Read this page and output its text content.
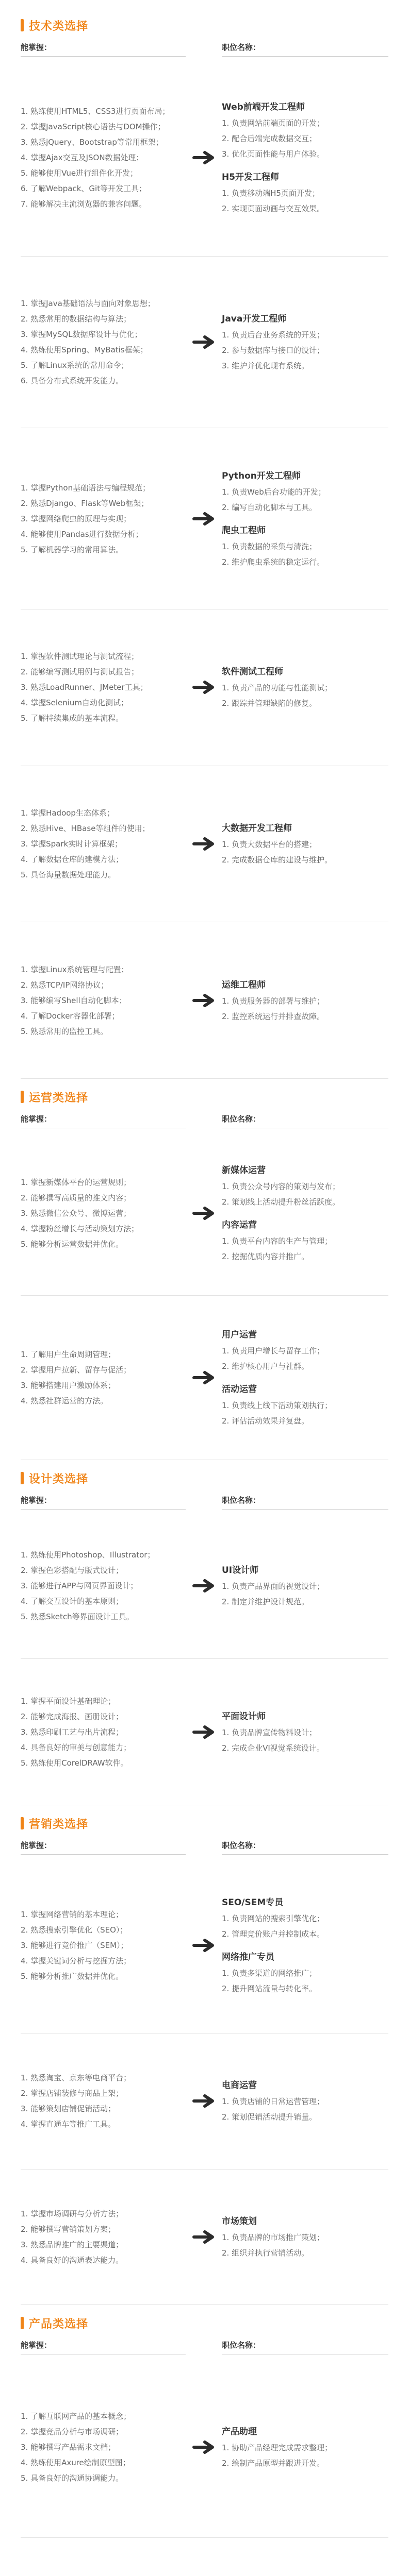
技术类选择
能掌握：	职位名称：
1. 熟练使用HTML5、CSS3进行页面布局；
2. 掌握JavaScript核心语法与DOM操作；
3. 熟悉jQuery、Bootstrap等常用框架；
4. 掌握Ajax交互及JSON数据处理；
5. 能够使用Vue进行组件化开发；
6. 了解Webpack、Git等开发工具；
7. 能够解决主流浏览器的兼容问题。
Web前端开发工程师
1. 负责网站前端页面的开发；
2. 配合后端完成数据交互；
3. 优化页面性能与用户体验。
H5开发工程师
1. 负责移动端H5页面开发；
2. 实现页面动画与交互效果。
1. 掌握Java基础语法与面向对象思想；
2. 熟悉常用的数据结构与算法；
3. 掌握MySQL数据库设计与优化；
4. 熟练使用Spring、MyBatis框架；
5. 了解Linux系统的常用命令；
6. 具备分布式系统开发能力。
Java开发工程师
1. 负责后台业务系统的开发；
2. 参与数据库与接口的设计；
3. 维护并优化现有系统。
1. 掌握Python基础语法与编程规范；
2. 熟悉Django、Flask等Web框架；
3. 掌握网络爬虫的原理与实现；
4. 能够使用Pandas进行数据分析；
5. 了解机器学习的常用算法。
Python开发工程师
1. 负责Web后台功能的开发；
2. 编写自动化脚本与工具。
爬虫工程师
1. 负责数据的采集与清洗；
2. 维护爬虫系统的稳定运行。
1. 掌握软件测试理论与测试流程；
2. 能够编写测试用例与测试报告；
3. 熟悉LoadRunner、JMeter工具；
4. 掌握Selenium自动化测试；
5. 了解持续集成的基本流程。
软件测试工程师
1. 负责产品的功能与性能测试；
2. 跟踪并管理缺陷的修复。
1. 掌握Hadoop生态体系；
2. 熟悉Hive、HBase等组件的使用；
3. 掌握Spark实时计算框架；
4. 了解数据仓库的建模方法；
5. 具备海量数据处理能力。
大数据开发工程师
1. 负责大数据平台的搭建；
2. 完成数据仓库的建设与维护。
1. 掌握Linux系统管理与配置；
2. 熟悉TCP/IP网络协议；
3. 能够编写Shell自动化脚本；
4. 了解Docker容器化部署；
5. 熟悉常用的监控工具。
运维工程师
1. 负责服务器的部署与维护；
2. 监控系统运行并排查故障。
运营类选择
能掌握：	职位名称：
1. 掌握新媒体平台的运营规则；
2. 能够撰写高质量的推文内容；
3. 熟悉微信公众号、微博运营；
4. 掌握粉丝增长与活动策划方法；
5. 能够分析运营数据并优化。
新媒体运营
1. 负责公众号内容的策划与发布；
2. 策划线上活动提升粉丝活跃度。
内容运营
1. 负责平台内容的生产与管理；
2. 挖掘优质内容并推广。
1. 了解用户生命周期管理；
2. 掌握用户拉新、留存与促活；
3. 能够搭建用户激励体系；
4. 熟悉社群运营的方法。
用户运营
1. 负责用户增长与留存工作；
2. 维护核心用户与社群。
活动运营
1. 负责线上线下活动策划执行；
2. 评估活动效果并复盘。
设计类选择
能掌握：	职位名称：
1. 熟练使用Photoshop、Illustrator；
2. 掌握色彩搭配与版式设计；
3. 能够进行APP与网页界面设计；
4. 了解交互设计的基本原则；
5. 熟悉Sketch等界面设计工具。
UI设计师
1. 负责产品界面的视觉设计；
2. 制定并维护设计规范。
1. 掌握平面设计基础理论；
2. 能够完成海报、画册设计；
3. 熟悉印刷工艺与出片流程；
4. 具备良好的审美与创意能力；
5. 熟练使用CorelDRAW软件。
平面设计师
1. 负责品牌宣传物料设计；
2. 完成企业VI视觉系统设计。
营销类选择
能掌握：	职位名称：
1. 掌握网络营销的基本理论；
2. 熟悉搜索引擎优化（SEO）；
3. 能够进行竞价推广（SEM）；
4. 掌握关键词分析与挖掘方法；
5. 能够分析推广数据并优化。
SEO/SEM专员
1. 负责网站的搜索引擎优化；
2. 管理竞价账户并控制成本。
网络推广专员
1. 负责多渠道的网络推广；
2. 提升网站流量与转化率。
1. 熟悉淘宝、京东等电商平台；
2. 掌握店铺装修与商品上架；
3. 能够策划店铺促销活动；
4. 掌握直通车等推广工具。
电商运营
1. 负责店铺的日常运营管理；
2. 策划促销活动提升销量。
1. 掌握市场调研与分析方法；
2. 能够撰写营销策划方案；
3. 熟悉品牌推广的主要渠道；
4. 具备良好的沟通表达能力。
市场策划
1. 负责品牌的市场推广策划；
2. 组织并执行营销活动。
产品类选择
能掌握：	职位名称：
1. 了解互联网产品的基本概念；
2. 掌握竞品分析与市场调研；
3. 能够撰写产品需求文档；
4. 熟练使用Axure绘制原型图；
5. 具备良好的沟通协调能力。
产品助理
1. 协助产品经理完成需求整理；
2. 绘制产品原型并跟进开发。
